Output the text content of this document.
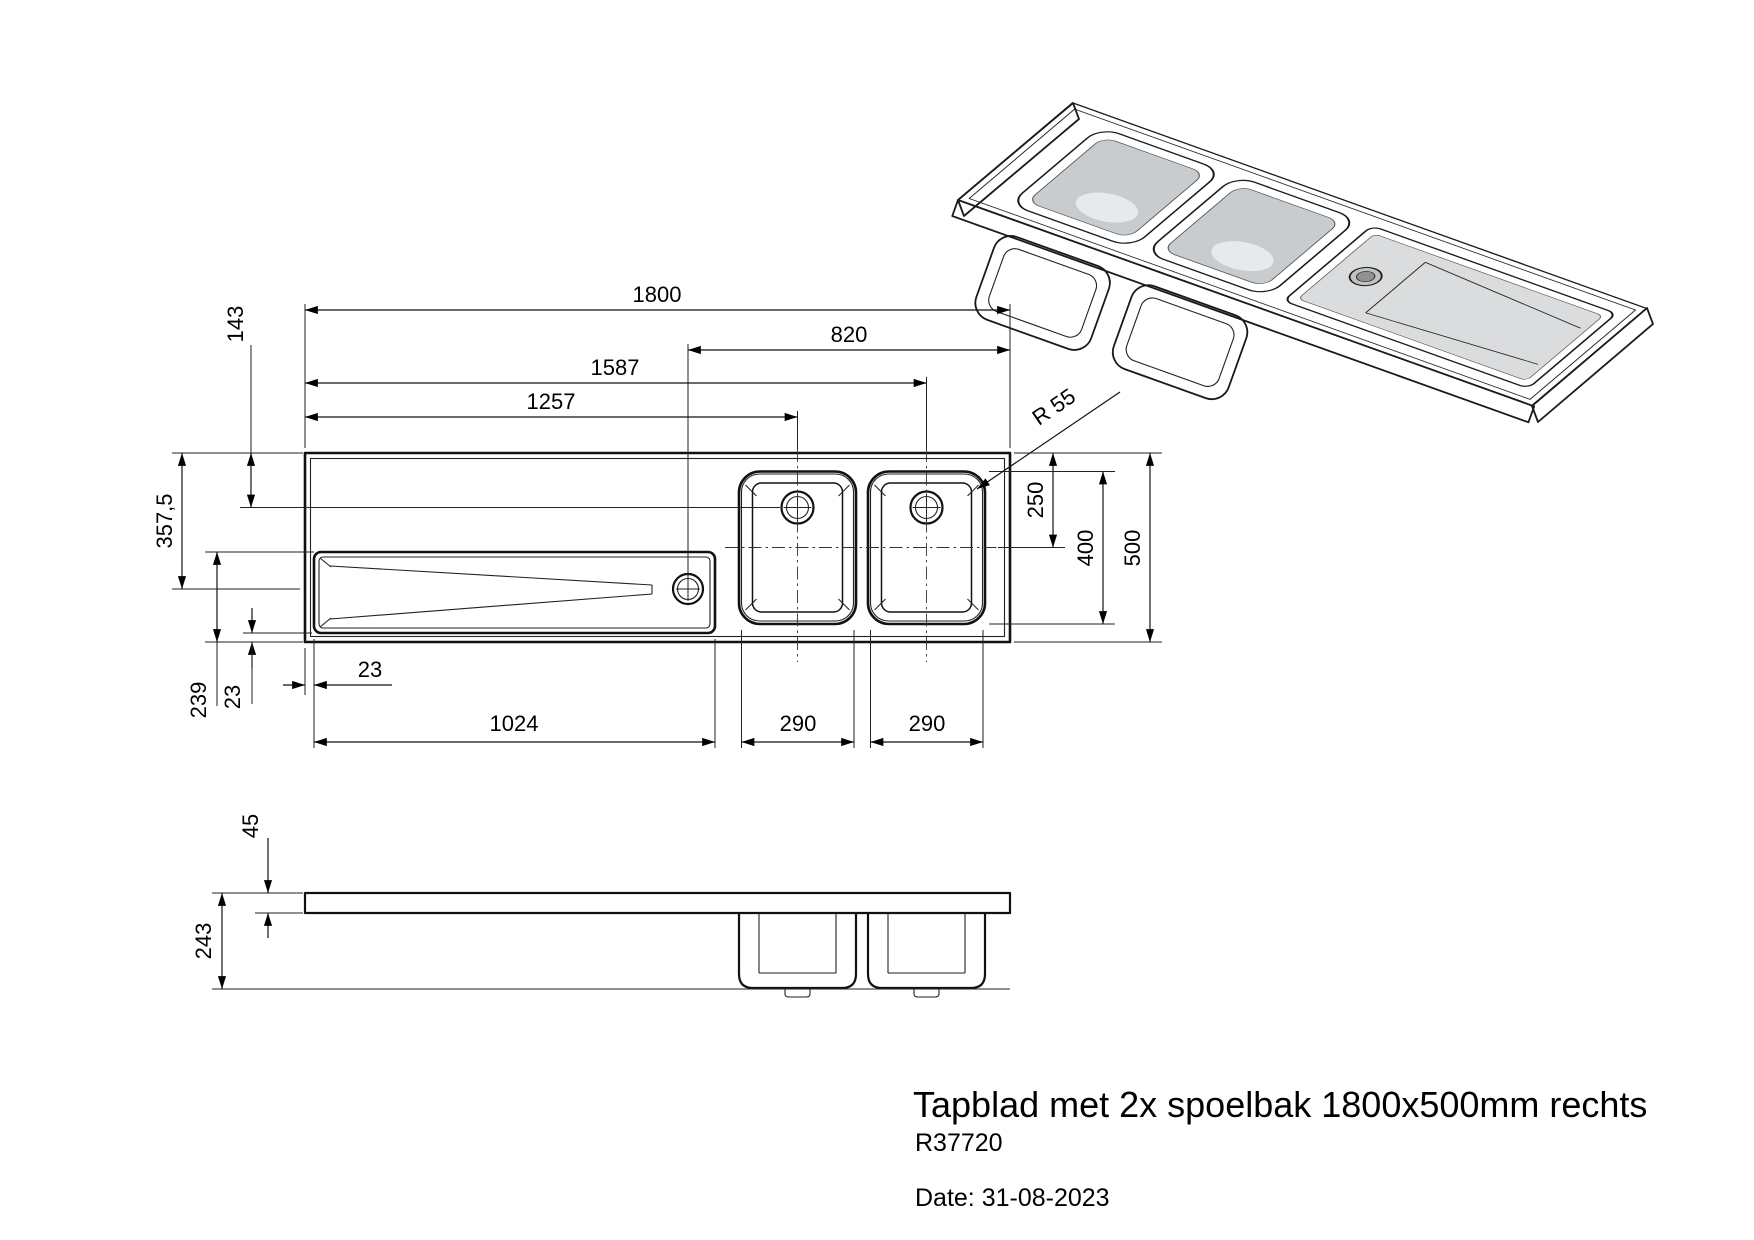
1800
820
1587
1257
143
357,5
239 23
23
1024	290	290
250
400 500
R 55
45
243
Tapblad met 2x spoelbak 1800x500mm rechts
R37720
Date: 31-08-2023
